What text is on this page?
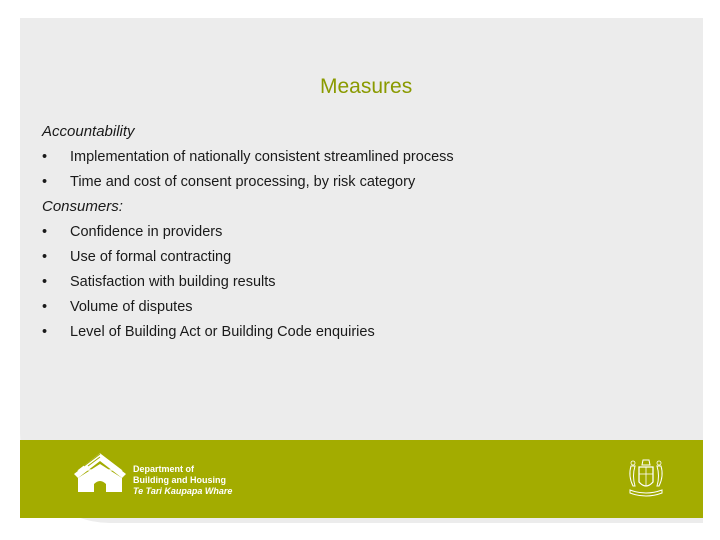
Measures
Accountability
•	Implementation of nationally consistent streamlined process
•	Time and cost of consent processing, by risk category
Consumers:
•	Confidence in providers
•	Use of formal contracting
•	Satisfaction with building results
•	Volume of disputes
•	Level of Building Act or Building Code enquiries
Department of
Building and Housing
Te Tari Kaupapa Whare
